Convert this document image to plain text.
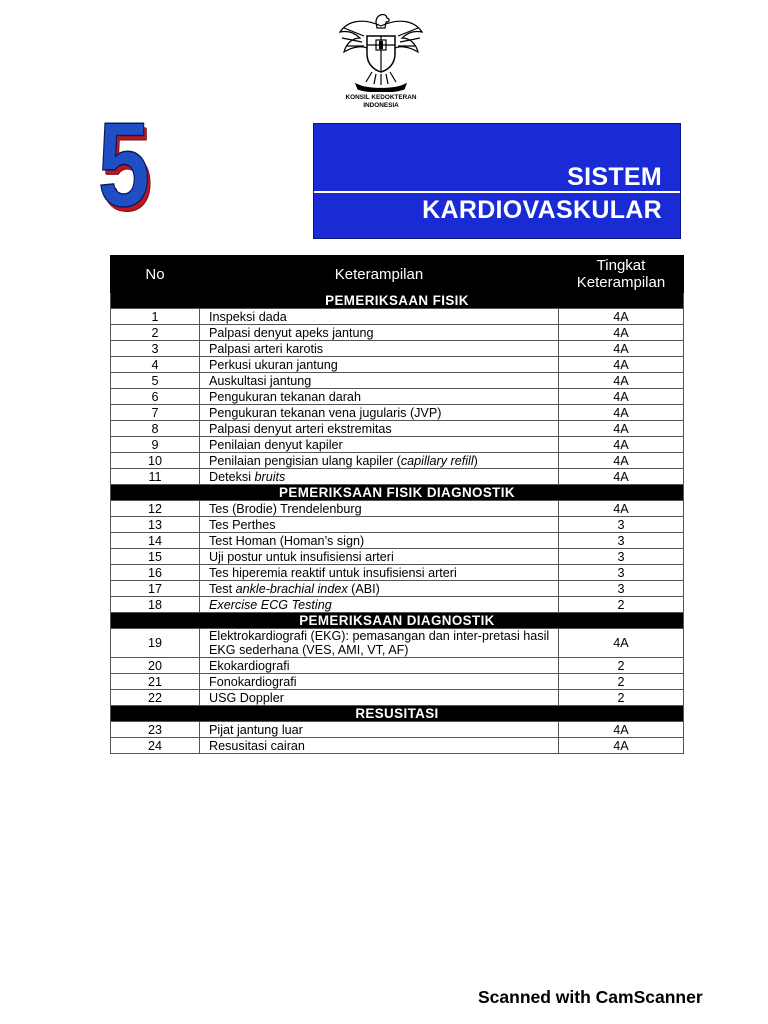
KONSIL KEDOKTERAN
INDONESIA
5	SISTEM
KARDIOVASKULAR
No	Keterampilan	Tingkat
Keterampilan
PEMERIKSAAN FISIK		
1	Inspeksi dada	4A
2	Palpasi denyut apeks jantung	4A
3	Palpasi arteri karotis	4A
4	Perkusi ukuran jantung	4A
5	Auskultasi jantung	4A
6	Pengukuran tekanan darah	4A
7	Pengukuran tekanan vena jugularis (JVP)	4A
8	Palpasi denyut arteri ekstremitas	4A
9	Penilaian denyut kapiler	4A
10	Penilaian pengisian ulang kapiler (capillary refill)	4A
11	Deteksi bruits	4A
PEMERIKSAAN FISIK DIAGNOSTIK		
12	Tes (Brodie) Trendelenburg	4A
13	Tes Perthes	3
14	Test Homan (Homan’s sign)	3
15	Uji postur untuk insufisiensi arteri	3
16	Tes hiperemia reaktif untuk insufisiensi arteri	3
17	Test ankle-brachial index (ABI)	3
18	Exercise ECG Testing	2
PEMERIKSAAN DIAGNOSTIK		
19	Elektrokardiografi (EKG): pemasangan dan inter-pretasi hasil EKG sederhana (VES, AMI, VT, AF)	4A
20	Ekokardiografi	2
21	Fonokardiografi	2
22	USG Doppler	2
RESUSITASI		
23	Pijat jantung luar	4A
24	Resusitasi cairan	4A
Scanned with CamScanner
